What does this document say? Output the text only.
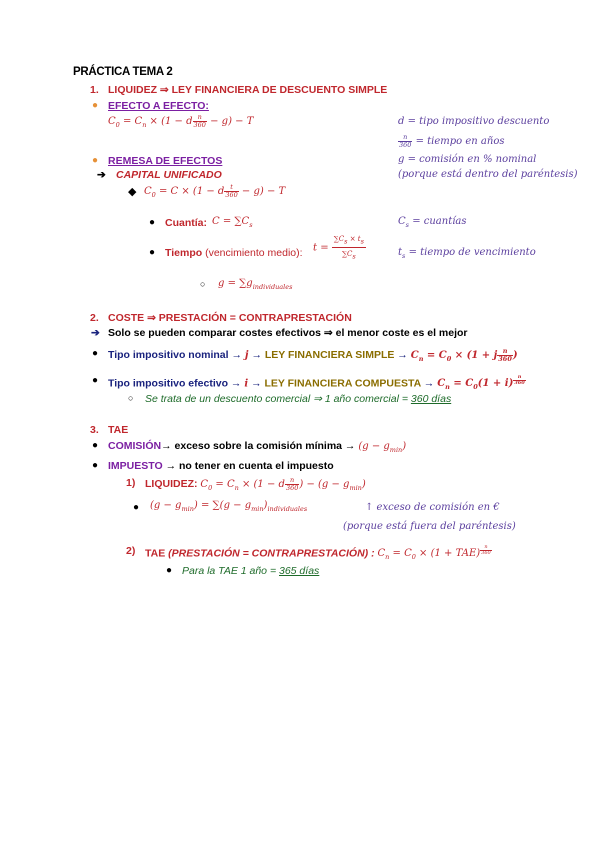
PRÁCTICA TEMA 2
1. LIQUIDEZ ⇒ LEY FINANCIERA DE DESCUENTO SIMPLE
● EFECTO A EFECTO:
$C_0 = C_n \times (1 - d \frac{n}{360} - g) - T$	d = tipo impositivo descuento
$\frac{n}{360}$ = tiempo en años
● REMESA DE EFECTOS	g = comisión en % nominal
(porque está dentro del paréntesis)
➔ CAPITAL UNIFICADO
◆ $C_0 = C \times (1 - d \frac{t}{360} - g) - T$
● Cuantía: $C = \sum C_s$	$C_s$ = cuantías
● Tiempo (vencimiento medio): $t = \frac{\sum C_s \times t_s}{\sum C_s}$	$t_s$ = tiempo de vencimiento
○ $g = \sum g_{individuales}$
2. COSTE ⇒ PRESTACIÓN = CONTRAPRESTACIÓN
➔ Solo se pueden comparar costes efectivos ⇒ el menor coste es el mejor
● Tipo impositivo nominal → j → LEY FINANCIERA SIMPLE → $C_n = C_0 \times (1 + j \frac{n}{360}$ )
● Tipo impositivo efectivo → i → LEY FINANCIERA COMPUESTA → $C_n = C_0(1 + i)$ $^{\frac{n}{360}}$
○ Se trata de un descuento comercial ⇒ 1 año comercial = 360 días
3. TAE
● COMISIÓN→ exceso sobre la comisión mínima → $(g - g_{min})$
● IMPUESTO → no tener en cuenta el impuesto
1) LIQUIDEZ: $C_0 = C_n \times (1 - d \frac{n}{360}$ ) − $(g - g_{min})$
● $(g - g_{min}) = \sum(g - g_{min})_{individuales}$	↑ exceso de comisión en €
(porque está fuera del paréntesis)
2) TAE (PRESTACIÓN = CONTRAPRESTACIÓN) : $C_n = C_0 \times (1 + TAE)$ $^{\frac{n}{360}}$
● Para la TAE 1 año = 365 días
